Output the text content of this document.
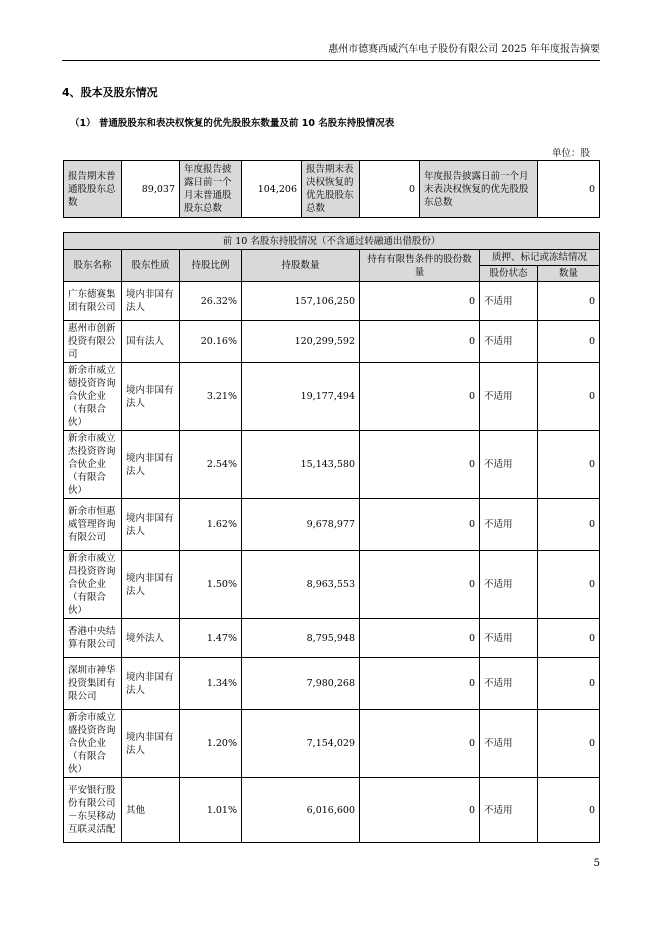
惠州市德赛西威汽车电子股份有限公司 2025 年年度报告摘要
4、股本及股东情况
（1） 普通股股东和表决权恢复的优先股股东数量及前 10 名股东持股情况表
单位：股
报告期末普通股股东总数	89,037	年度报告披露日前一个月末普通股股东总数	104,206	报告期末表决权恢复的优先股股东总数	0	年度报告披露日前一个月末表决权恢复的优先股股东总数	0
前 10 名股东持股情况（不含通过转融通出借股份）						
股东名称	股东性质	持股比例	持股数量	持有有限售条件的股份数量	质押、标记或冻结情况	
					股份状态	数量
广东德赛集团有限公司	境内非国有法人	26.32%	157,106,250	0	不适用	0
惠州市创新投资有限公司	国有法人	20.16%	120,299,592	0	不适用	0
新余市威立德投资咨询合伙企业（有限合伙）	境内非国有法人	3.21%	19,177,494	0	不适用	0
新余市威立杰投资咨询合伙企业（有限合伙）	境内非国有法人	2.54%	15,143,580	0	不适用	0
新余市恒惠威管理咨询有限公司	境内非国有法人	1.62%	9,678,977	0	不适用	0
新余市威立昌投资咨询合伙企业（有限合伙）	境内非国有法人	1.50%	8,963,553	0	不适用	0
香港中央结算有限公司	境外法人	1.47%	8,795,948	0	不适用	0
深圳市神华投资集团有限公司	境内非国有法人	1.34%	7,980,268	0	不适用	0
新余市威立盛投资咨询合伙企业（有限合伙）	境内非国有法人	1.20%	7,154,029	0	不适用	0
平安银行股份有限公司－东吴移动互联灵活配	其他	1.01%	6,016,600	0	不适用	0
5
